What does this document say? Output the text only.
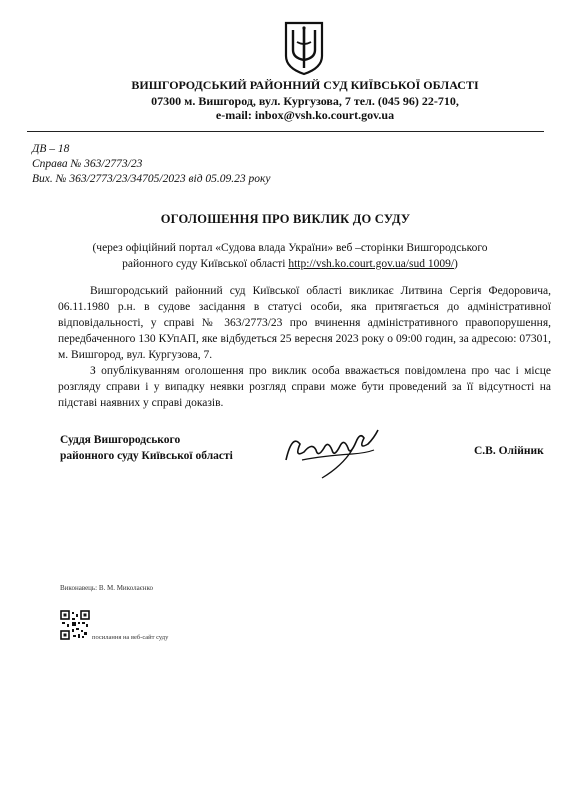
ВИШГОРОДСЬКИЙ РАЙОННИЙ СУД КИЇВСЬКОЇ ОБЛАСТІ
07300 м. Вишгород, вул. Кургузова, 7 тел. (045 96) 22-710,
e-mail: inbox@vsh.ko.court.gov.ua
ДВ – 18
Справа № 363/2773/23
Вих. № 363/2773/23/34705/2023 від 05.09.23 року
ОГОЛОШЕННЯ ПРО ВИКЛИК ДО СУДУ
(через офіційний портал «Судова влада України» веб –сторінки Вишгородського районного суду Київської області http://vsh.ko.court.gov.ua/sud 1009/)
Вишгородський районний суд Київської області викликає Литвина Сергія Федоровича, 06.11.1980 р.н. в судове засідання в статусі особи, яка притягається до адміністративної відповідальності, у справі № 363/2773/23 про вчинення адміністративного правопорушення, передбаченного 130 КУпАП, яке відбудеться 25 вересня 2023 року о 09:00 годин, за адресою: 07301, м. Вишгород, вул. Кургузова, 7.
З опублікуванням оголошення про виклик особа вважається повідомлена про час і місце розгляду справи і у випадку неявки розгляд справи може бути проведений за її відсутності на підставі наявних у справі доказів.
Суддя Вишгородського
районного суду Київської області	С.В. Олійник
Виконавець: В. М. Миколаєнко
посилання на веб-сайт суду
